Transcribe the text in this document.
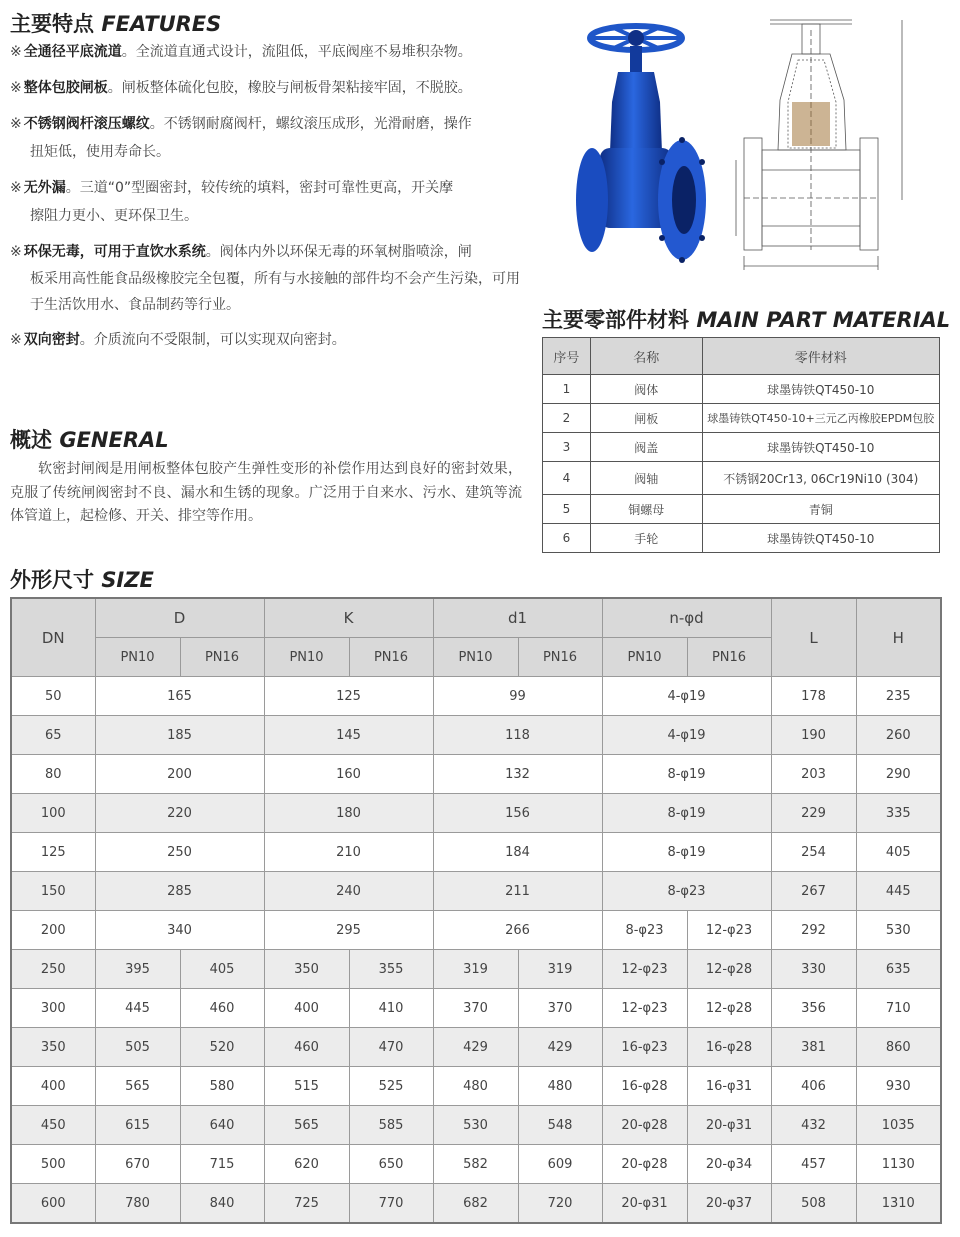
主要特点 FEATURES
※ 全通径平底流道。全流道直通式设计，流阻低，平底阀座不易堆积杂物。
※ 整体包胶闸板。闸板整体硫化包胶，橡胶与闸板骨架粘接牢固，不脱胶。
※ 不锈钢阀杆滚压螺纹。不锈钢耐腐阀杆，螺纹滚压成形，光滑耐磨，操作
扭矩低，使用寿命长。
※ 无外漏。三道“0”型圈密封，较传统的填料，密封可靠性更高，开关摩
擦阻力更小、更环保卫生。
※ 环保无毒，可用于直饮水系统。阀体内外以环保无毒的环氧树脂喷涂，闸
板采用高性能食品级橡胶完全包覆，所有与水接触的部件均不会产生污染，可用于生活饮用水、食品制药等行业。
※ 双向密封。介质流向不受限制，可以实现双向密封。
概述 GENERAL
软密封闸阀是用闸板整体包胶产生弹性变形的补偿作用达到良好的密封效果，克服了传统闸阀密封不良、漏水和生锈的现象。广泛用于自来水、污水、建筑等流体管道上，起检修、开关、排空等作用。
主要零部件材料 MAIN PART MATERIAL
序号	名称	零件材料
1	阀体	球墨铸铁QT450-10
2	闸板	球墨铸铁QT450-10+三元乙丙橡胶EPDM包胶
3	阀盖	球墨铸铁QT450-10
4	阀轴	不锈钢20Cr13, 06Cr19Ni10 (304)
5	铜螺母	青铜
6	手轮	球墨铸铁QT450-10
外形尺寸 SIZE
DN	D		K		d1		n-φd		L	H
	PN10	PN16	PN10	PN16	PN10	PN16	PN10	PN16		
50	165		125		99		4-φ19		178	235
65	185		145		118		4-φ19		190	260
80	200		160		132		8-φ19		203	290
100	220		180		156		8-φ19		229	335
125	250		210		184		8-φ19		254	405
150	285		240		211		8-φ23		267	445
200	340		295		266		8-φ23	12-φ23	292	530
250	395	405	350	355	319	319	12-φ23	12-φ28	330	635
300	445	460	400	410	370	370	12-φ23	12-φ28	356	710
350	505	520	460	470	429	429	16-φ23	16-φ28	381	860
400	565	580	515	525	480	480	16-φ28	16-φ31	406	930
450	615	640	565	585	530	548	20-φ28	20-φ31	432	1035
500	670	715	620	650	582	609	20-φ28	20-φ34	457	1130
600	780	840	725	770	682	720	20-φ31	20-φ37	508	1310
